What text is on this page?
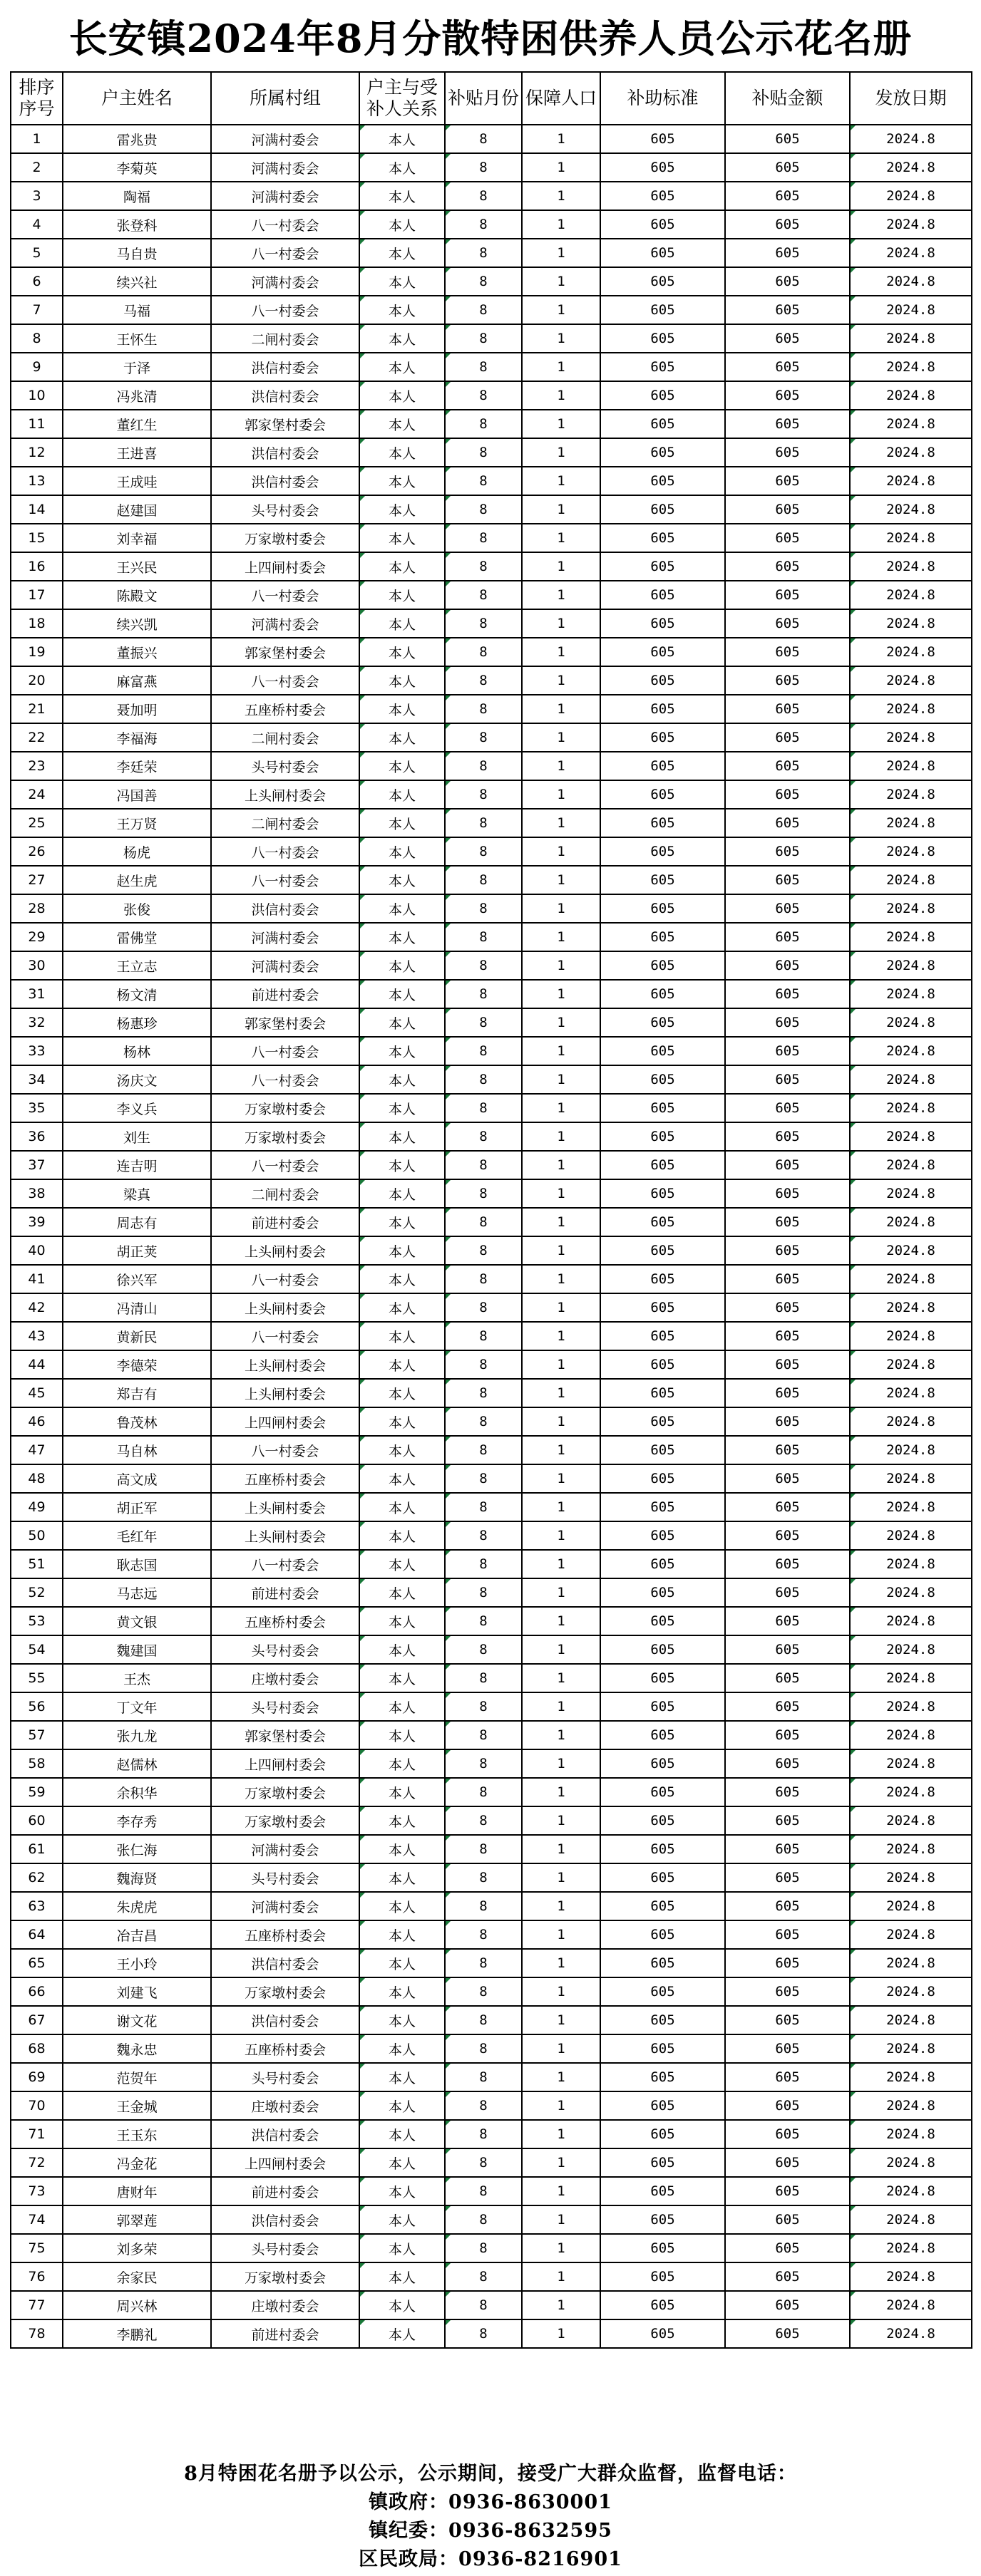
长安镇2024年8月分散特困供养人员公示花名册
排序序号	户主姓名	所属村组	户主与受补人关系	补贴月份	保障人口	补助标准	补贴金额	发放日期
1	雷兆贵	河满村委会	本人	8	1	605	605	2024.8
2	李菊英	河满村委会	本人	8	1	605	605	2024.8
3	陶福	河满村委会	本人	8	1	605	605	2024.8
4	张登科	八一村委会	本人	8	1	605	605	2024.8
5	马自贵	八一村委会	本人	8	1	605	605	2024.8
6	续兴社	河满村委会	本人	8	1	605	605	2024.8
7	马福	八一村委会	本人	8	1	605	605	2024.8
8	王怀生	二闸村委会	本人	8	1	605	605	2024.8
9	于泽	洪信村委会	本人	8	1	605	605	2024.8
10	冯兆清	洪信村委会	本人	8	1	605	605	2024.8
11	董红生	郭家堡村委会	本人	8	1	605	605	2024.8
12	王进喜	洪信村委会	本人	8	1	605	605	2024.8
13	王成哇	洪信村委会	本人	8	1	605	605	2024.8
14	赵建国	头号村委会	本人	8	1	605	605	2024.8
15	刘幸福	万家墩村委会	本人	8	1	605	605	2024.8
16	王兴民	上四闸村委会	本人	8	1	605	605	2024.8
17	陈殿文	八一村委会	本人	8	1	605	605	2024.8
18	续兴凯	河满村委会	本人	8	1	605	605	2024.8
19	董振兴	郭家堡村委会	本人	8	1	605	605	2024.8
20	麻富燕	八一村委会	本人	8	1	605	605	2024.8
21	聂加明	五座桥村委会	本人	8	1	605	605	2024.8
22	李福海	二闸村委会	本人	8	1	605	605	2024.8
23	李廷荣	头号村委会	本人	8	1	605	605	2024.8
24	冯国善	上头闸村委会	本人	8	1	605	605	2024.8
25	王万贤	二闸村委会	本人	8	1	605	605	2024.8
26	杨虎	八一村委会	本人	8	1	605	605	2024.8
27	赵生虎	八一村委会	本人	8	1	605	605	2024.8
28	张俊	洪信村委会	本人	8	1	605	605	2024.8
29	雷佛堂	河满村委会	本人	8	1	605	605	2024.8
30	王立志	河满村委会	本人	8	1	605	605	2024.8
31	杨文清	前进村委会	本人	8	1	605	605	2024.8
32	杨惠珍	郭家堡村委会	本人	8	1	605	605	2024.8
33	杨林	八一村委会	本人	8	1	605	605	2024.8
34	汤庆文	八一村委会	本人	8	1	605	605	2024.8
35	李义兵	万家墩村委会	本人	8	1	605	605	2024.8
36	刘生	万家墩村委会	本人	8	1	605	605	2024.8
37	连吉明	八一村委会	本人	8	1	605	605	2024.8
38	梁真	二闸村委会	本人	8	1	605	605	2024.8
39	周志有	前进村委会	本人	8	1	605	605	2024.8
40	胡正荚	上头闸村委会	本人	8	1	605	605	2024.8
41	徐兴军	八一村委会	本人	8	1	605	605	2024.8
42	冯清山	上头闸村委会	本人	8	1	605	605	2024.8
43	黄新民	八一村委会	本人	8	1	605	605	2024.8
44	李德荣	上头闸村委会	本人	8	1	605	605	2024.8
45	郑吉有	上头闸村委会	本人	8	1	605	605	2024.8
46	鲁茂林	上四闸村委会	本人	8	1	605	605	2024.8
47	马自林	八一村委会	本人	8	1	605	605	2024.8
48	高文成	五座桥村委会	本人	8	1	605	605	2024.8
49	胡正军	上头闸村委会	本人	8	1	605	605	2024.8
50	毛红年	上头闸村委会	本人	8	1	605	605	2024.8
51	耿志国	八一村委会	本人	8	1	605	605	2024.8
52	马志远	前进村委会	本人	8	1	605	605	2024.8
53	黄文银	五座桥村委会	本人	8	1	605	605	2024.8
54	魏建国	头号村委会	本人	8	1	605	605	2024.8
55	王杰	庄墩村委会	本人	8	1	605	605	2024.8
56	丁文年	头号村委会	本人	8	1	605	605	2024.8
57	张九龙	郭家堡村委会	本人	8	1	605	605	2024.8
58	赵儒林	上四闸村委会	本人	8	1	605	605	2024.8
59	余积华	万家墩村委会	本人	8	1	605	605	2024.8
60	李存秀	万家墩村委会	本人	8	1	605	605	2024.8
61	张仁海	河满村委会	本人	8	1	605	605	2024.8
62	魏海贤	头号村委会	本人	8	1	605	605	2024.8
63	朱虎虎	河满村委会	本人	8	1	605	605	2024.8
64	冶吉昌	五座桥村委会	本人	8	1	605	605	2024.8
65	王小玲	洪信村委会	本人	8	1	605	605	2024.8
66	刘建飞	万家墩村委会	本人	8	1	605	605	2024.8
67	谢文花	洪信村委会	本人	8	1	605	605	2024.8
68	魏永忠	五座桥村委会	本人	8	1	605	605	2024.8
69	范贺年	头号村委会	本人	8	1	605	605	2024.8
70	王金城	庄墩村委会	本人	8	1	605	605	2024.8
71	王玉东	洪信村委会	本人	8	1	605	605	2024.8
72	冯金花	上四闸村委会	本人	8	1	605	605	2024.8
73	唐财年	前进村委会	本人	8	1	605	605	2024.8
74	郭翠莲	洪信村委会	本人	8	1	605	605	2024.8
75	刘多荣	头号村委会	本人	8	1	605	605	2024.8
76	余家民	万家墩村委会	本人	8	1	605	605	2024.8
77	周兴林	庄墩村委会	本人	8	1	605	605	2024.8
78	李鹏礼	前进村委会	本人	8	1	605	605	2024.8
8月特困花名册予以公示，公示期间，接受广大群众监督，监督电话：
镇政府：0936-8630001
镇纪委：0936-8632595
区民政局：0936-8216901
